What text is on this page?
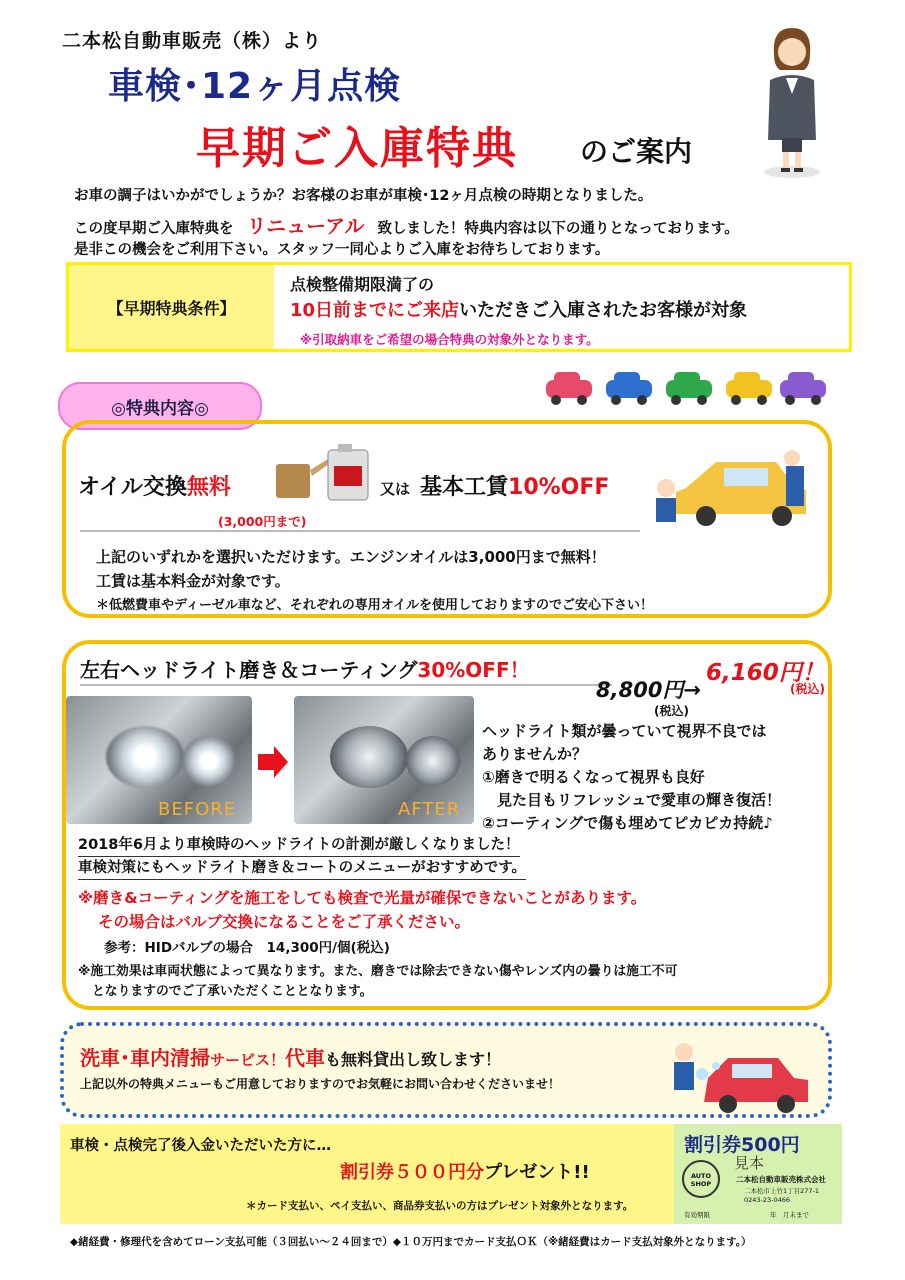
二本松自動車販売（株）より
車検･12ヶ月点検
早期ご入庫特典 のご案内
お車の調子はいかがでしょうか？お客様のお車が車検･12ヶ月点検の時期となりました。
この度早期ご入庫特典を リニューアル 致しました！特典内容は以下の通りとなっております。
是非この機会をご利用下さい。スタッフ一同心よりご入庫をお待ちしております。
【早期特典条件】
点検整備期限満了の
10日前までにご来店いただきご入庫されたお客様が対象
※引取納車をご希望の場合特典の対象外となります。
◎特典内容◎
オイル交換無料	又は 基本工賃10%OFF
(3,000円まで)
上記のいずれかを選択いただけます。エンジンオイルは3,000円まで無料！
工賃は基本料金が対象です。
＊低燃費車やディーゼル車など、それぞれの専用オイルを使用しておりますのでご安心下さい！
左右ヘッドライト磨き＆コーティング30%OFF！
8,800円→
6,160円！
(税込)
(税込)
BEFORE	AFTER
ヘッドライト類が曇っていて視界不良では
ありませんか？
①磨きで明るくなって視界も良好
　見た目もリフレッシュで愛車の輝き復活！
②コーティングで傷も埋めてピカピカ持続♪
2018年6月より車検時のヘッドライトの計測が厳しくなりました！
車検対策にもヘッドライト磨き＆コートのメニューがおすすめです。
※磨き&コーティングを施工をしても検査で光量が確保できないことがあります。
その場合はバルブ交換になることをご了承ください。
参考：HIDバルブの場合　14,300円/個(税込)
※施工効果は車両状態によって異なります。また、磨きでは除去できない傷やレンズ内の曇りは施工不可
となりますのでご了承いただくこととなります。
洗車･車内清掃サービス！代車も無料貸出し致します！
上記以外の特典メニューもご用意しておりますのでお気軽にお問い合わせくださいませ！
車検・点検完了後入金いただいた方に…
割引券５００円分プレゼント!!
＊カード支払い、ペイ支払い、商品券支払いの方はプレゼント対象外となります。
割引券500円
見本
AUTO SHOP	二本松自動車販売株式会社
二本松市上竹1丁目277-1
0243-23-0466
有効期限	年　月末まで
◆緒経費・修理代を含めてローン支払可能（３回払い～２４回まで）◆１０万円までカード支払ＯＫ（※緒経費はカード支払対象外となります。）
